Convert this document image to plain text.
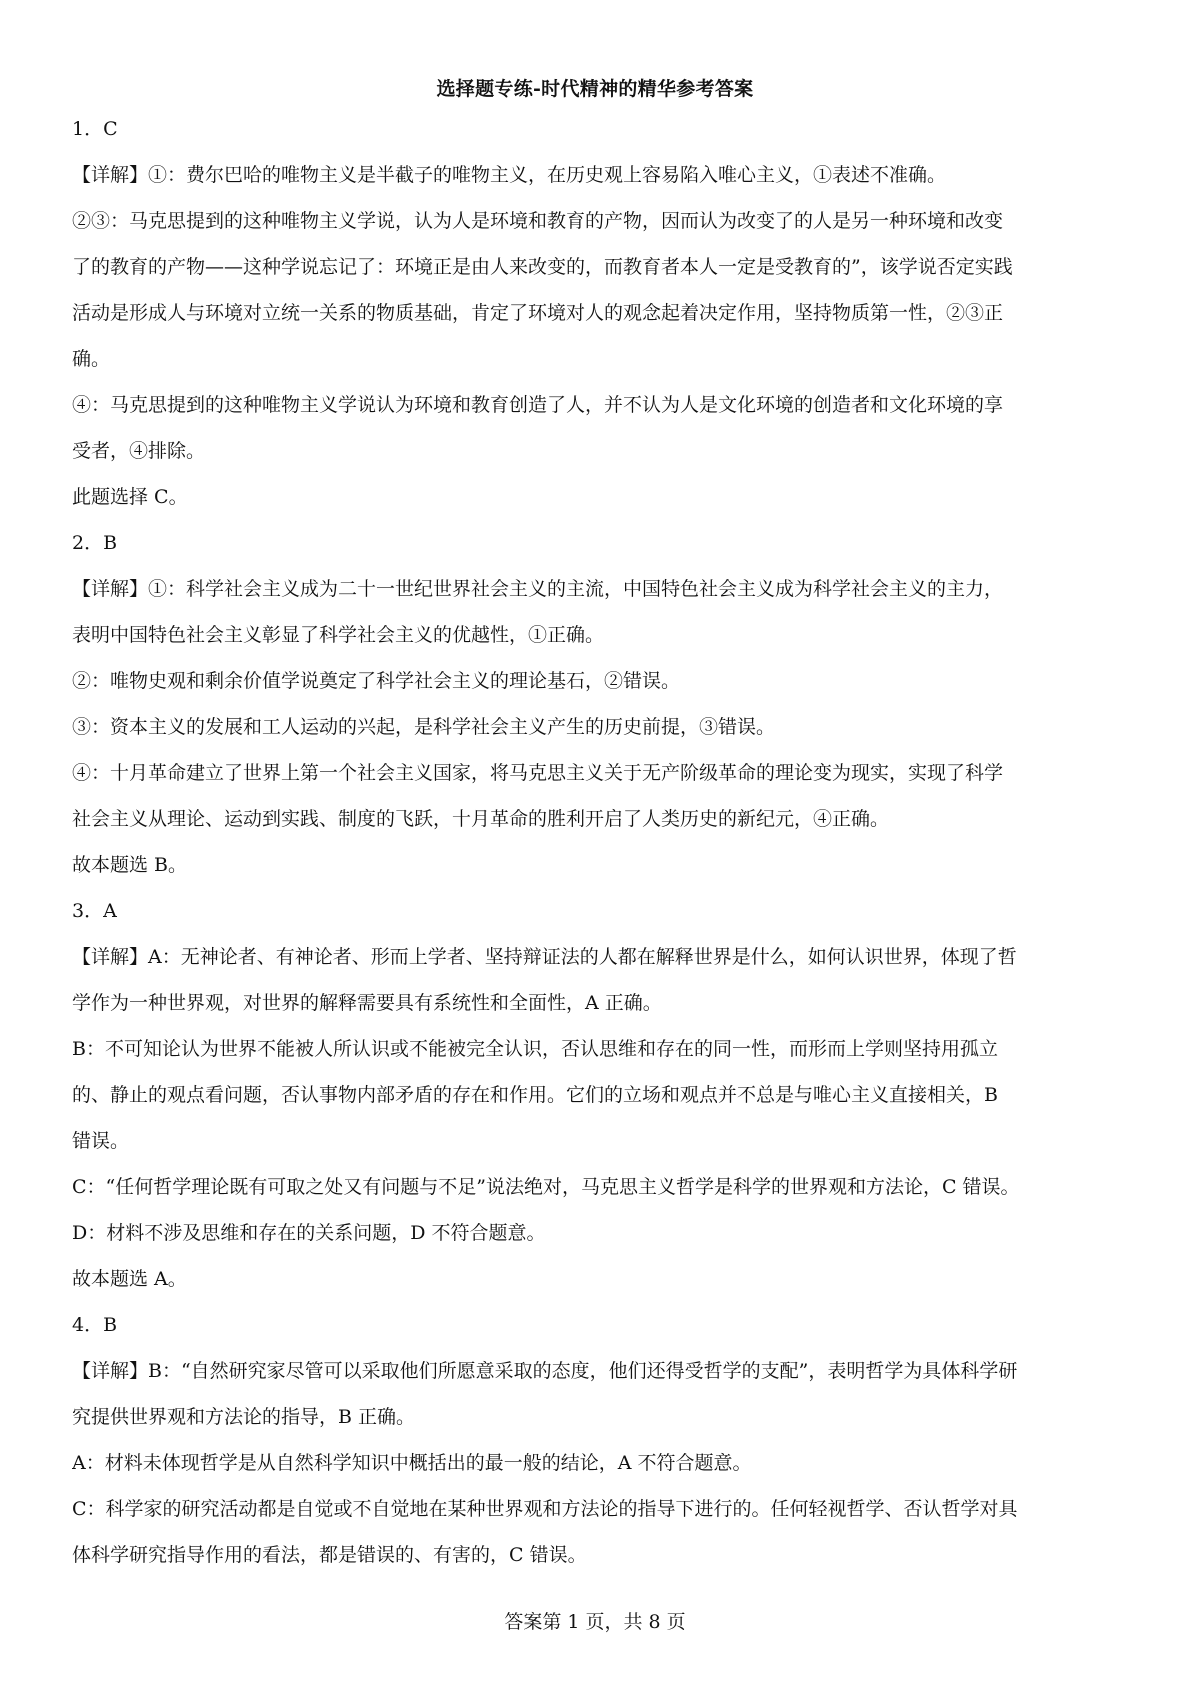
选择题专练-时代精神的精华参考答案
1．C
【详解】①：费尔巴哈的唯物主义是半截子的唯物主义，在历史观上容易陷入唯心主义，①表述不准确。
②③：马克思提到的这种唯物主义学说，认为人是环境和教育的产物，因而认为改变了的人是另一种环境和改变
了的教育的产物——这种学说忘记了：环境正是由人来改变的，而教育者本人一定是受教育的”，该学说否定实践
活动是形成人与环境对立统一关系的物质基础，肯定了环境对人的观念起着决定作用，坚持物质第一性，②③正
确。
④：马克思提到的这种唯物主义学说认为环境和教育创造了人，并不认为人是文化环境的创造者和文化环境的享
受者，④排除。
此题选择 C。
2．B
【详解】①：科学社会主义成为二十一世纪世界社会主义的主流，中国特色社会主义成为科学社会主义的主力，
表明中国特色社会主义彰显了科学社会主义的优越性，①正确。
②：唯物史观和剩余价值学说奠定了科学社会主义的理论基石，②错误。
③：资本主义的发展和工人运动的兴起，是科学社会主义产生的历史前提，③错误。
④：十月革命建立了世界上第一个社会主义国家，将马克思主义关于无产阶级革命的理论变为现实，实现了科学
社会主义从理论、运动到实践、制度的飞跃，十月革命的胜利开启了人类历史的新纪元，④正确。
故本题选 B。
3．A
【详解】A：无神论者、有神论者、形而上学者、坚持辩证法的人都在解释世界是什么，如何认识世界，体现了哲
学作为一种世界观，对世界的解释需要具有系统性和全面性，A 正确。
B：不可知论认为世界不能被人所认识或不能被完全认识，否认思维和存在的同一性，而形而上学则坚持用孤立
的、静止的观点看问题，否认事物内部矛盾的存在和作用。它们的立场和观点并不总是与唯心主义直接相关，B
错误。
C：“任何哲学理论既有可取之处又有问题与不足”说法绝对，马克思主义哲学是科学的世界观和方法论，C 错误。
D：材料不涉及思维和存在的关系问题，D 不符合题意。
故本题选 A。
4．B
【详解】B：“自然研究家尽管可以采取他们所愿意采取的态度，他们还得受哲学的支配”，表明哲学为具体科学研
究提供世界观和方法论的指导，B 正确。
A：材料未体现哲学是从自然科学知识中概括出的最一般的结论，A 不符合题意。
C：科学家的研究活动都是自觉或不自觉地在某种世界观和方法论的指导下进行的。任何轻视哲学、否认哲学对具
体科学研究指导作用的看法，都是错误的、有害的，C 错误。
答案第 1 页，共 8 页
